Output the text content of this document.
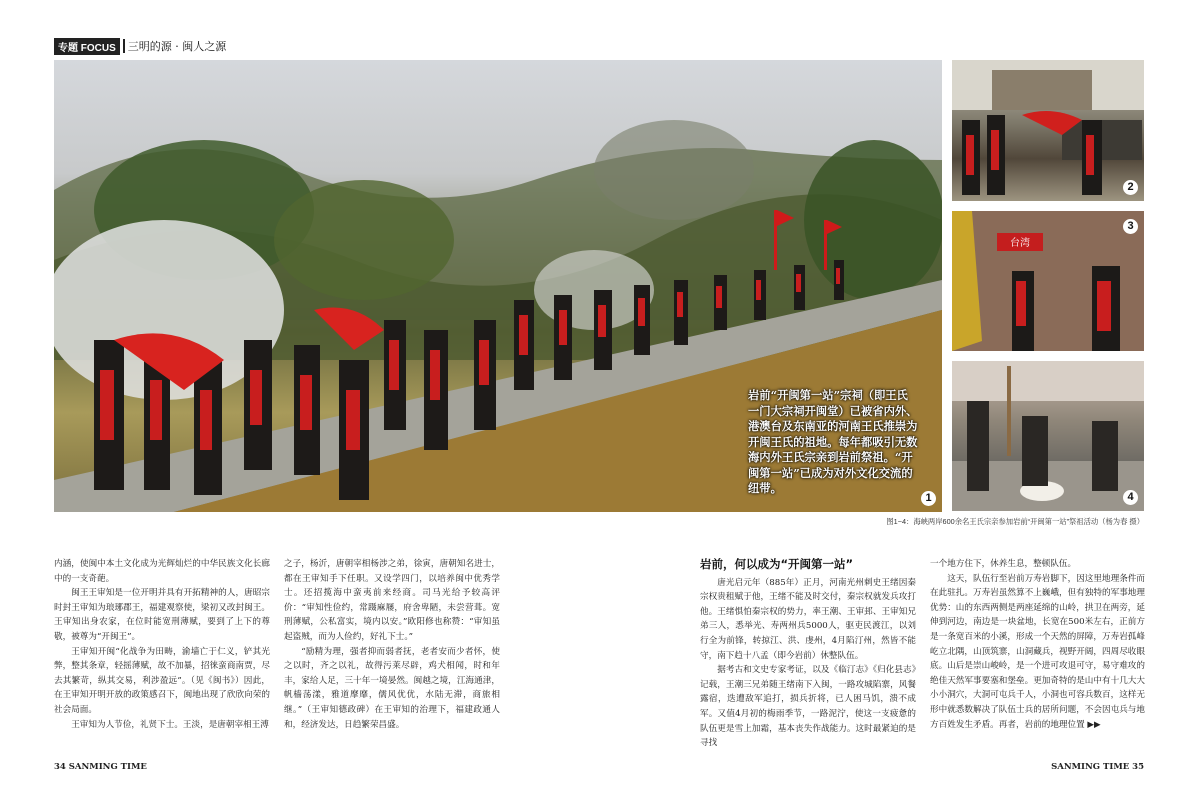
专题 FOCUS	三明的源 · 闽人之源
1
岩前“开闽第一站”宗祠（即王氏一门大宗祠开闽堂）已被省内外、港澳台及东南亚的河南王氏推崇为开闽王氏的祖地。每年都吸引无数海内外王氏宗亲到岩前祭祖。“开闽第一站”已成为对外文化交流的纽带。
2
台湾
3
4
图1~4：海峡两岸600余名王氏宗亲参加岩前“开闽第一站”祭祖活动（杨为春 摄）

内涵，使闽中本土文化成为光辉灿烂的中华民族文化长廊中的一支奇葩。

闽王王审知是一位开明并具有开拓精神的人，唐昭宗时封王审知为琅琊郡王，福建观察使，梁初又改封闽王。王审知出身农家，在位时能宽刑薄赋，要到了上下的尊敬，被尊为“开闽王”。

王审知开闽“化战争为田畴，渝墙亡于仁义，铲其光弊，整其条章，轻摇薄赋，故不加暴，招徕蛮商南贾，尽去其繁苛，纵其交易，利涉盈远”。（见《闽书》）因此，在王审知开明开放的政策感召下，闽地出现了欣欣向荣的社会局面。

王审知为人节俭，礼贤下士。王淡，是唐朝宰相王溥

之子，杨沂，唐朝宰相杨涉之弟，徐寅，唐朝知名进士，都在王审知手下任职。又设学四门，以培养闽中优秀学士。还招揽海中蛮夷前来经商。司马光给予较高评价：“审知性俭约，常蹑麻屦，府舍卑陋，未尝营葺。宽刑薄赋，公私富实，境内以安。”欧阳修也称赞：“审知虽起盗贼，而为人俭约，好礼下士。”

“励精为理，强者抑而弱者抚，老者安而少者怀，使之以时，齐之以礼，故得污莱尽辟，鸡犬相闻，时和年丰，家给人足，三十年一境晏然。闽越之境，江海通津，帆樯荡漾，雅道摩靡，儒风优优，水陆无滞，商旅相继。”（王审知德政碑）在王审知的治理下，福建政通人和，经济发达，日趋繁荣昌盛。

岩前，何以成为“开闽第一站”

唐光启元年（885年）正月，河南光州刺史王绪因秦宗权贵租赋于他，王绪不能及时交付，秦宗权就发兵攻打他。王绪惧怕秦宗权的势力，率王潮、王审邽、王审知兄弟三人，悉举光、寿两州兵5000人，驱吏民渡江，以刘行全为前锋，转掠江、洪、虔州，4月陷汀州，然皆不能守，南下趋十八孟（即今岩前）休整队伍。

据考古和文史专家考证，以及《临汀志》《归化县志》记载，王潮三兄弟随王绪南下入闽，一路攻城陷寨，风餐露宿，迭遭敌军追打，损兵折将，已人困马饥，溃不成军。又值4月初的梅雨季节，一路泥泞，使这一支疲惫的队伍更是雪上加霜，基本丧失作战能力。这时最紧迫的是寻找

一个地方住下，休养生息，整顿队伍。

这天，队伍行至岩前万寿岩脚下，因这里地理条件而在此驻扎。万寿岩虽然算不上巍峨，但有独特的军事地理优势：山的东西两侧是两座延绵的山岭，拱卫在两旁，延伸到河边，南边是一块盆地，长宽在500米左右，正前方是一条宽百米的小溪，形成一个天然的屏障，万寿岩孤峰屹立北隅，山顶筑寨，山洞藏兵，视野开阔，四周尽收眼底。山后是崇山峻岭，是一个进可攻退可守，易守难攻的绝佳天然军事要塞和堡垒。更加奇特的是山中有十几大大小小洞穴，大洞可屯兵千人，小洞也可容兵数百，这样无形中就悉数解决了队伍士兵的居所问题，不会因屯兵与地方百姓发生矛盾。再者，岩前的地理位置 ▶▶

34 SANMING TIME	SANMING TIME 35
